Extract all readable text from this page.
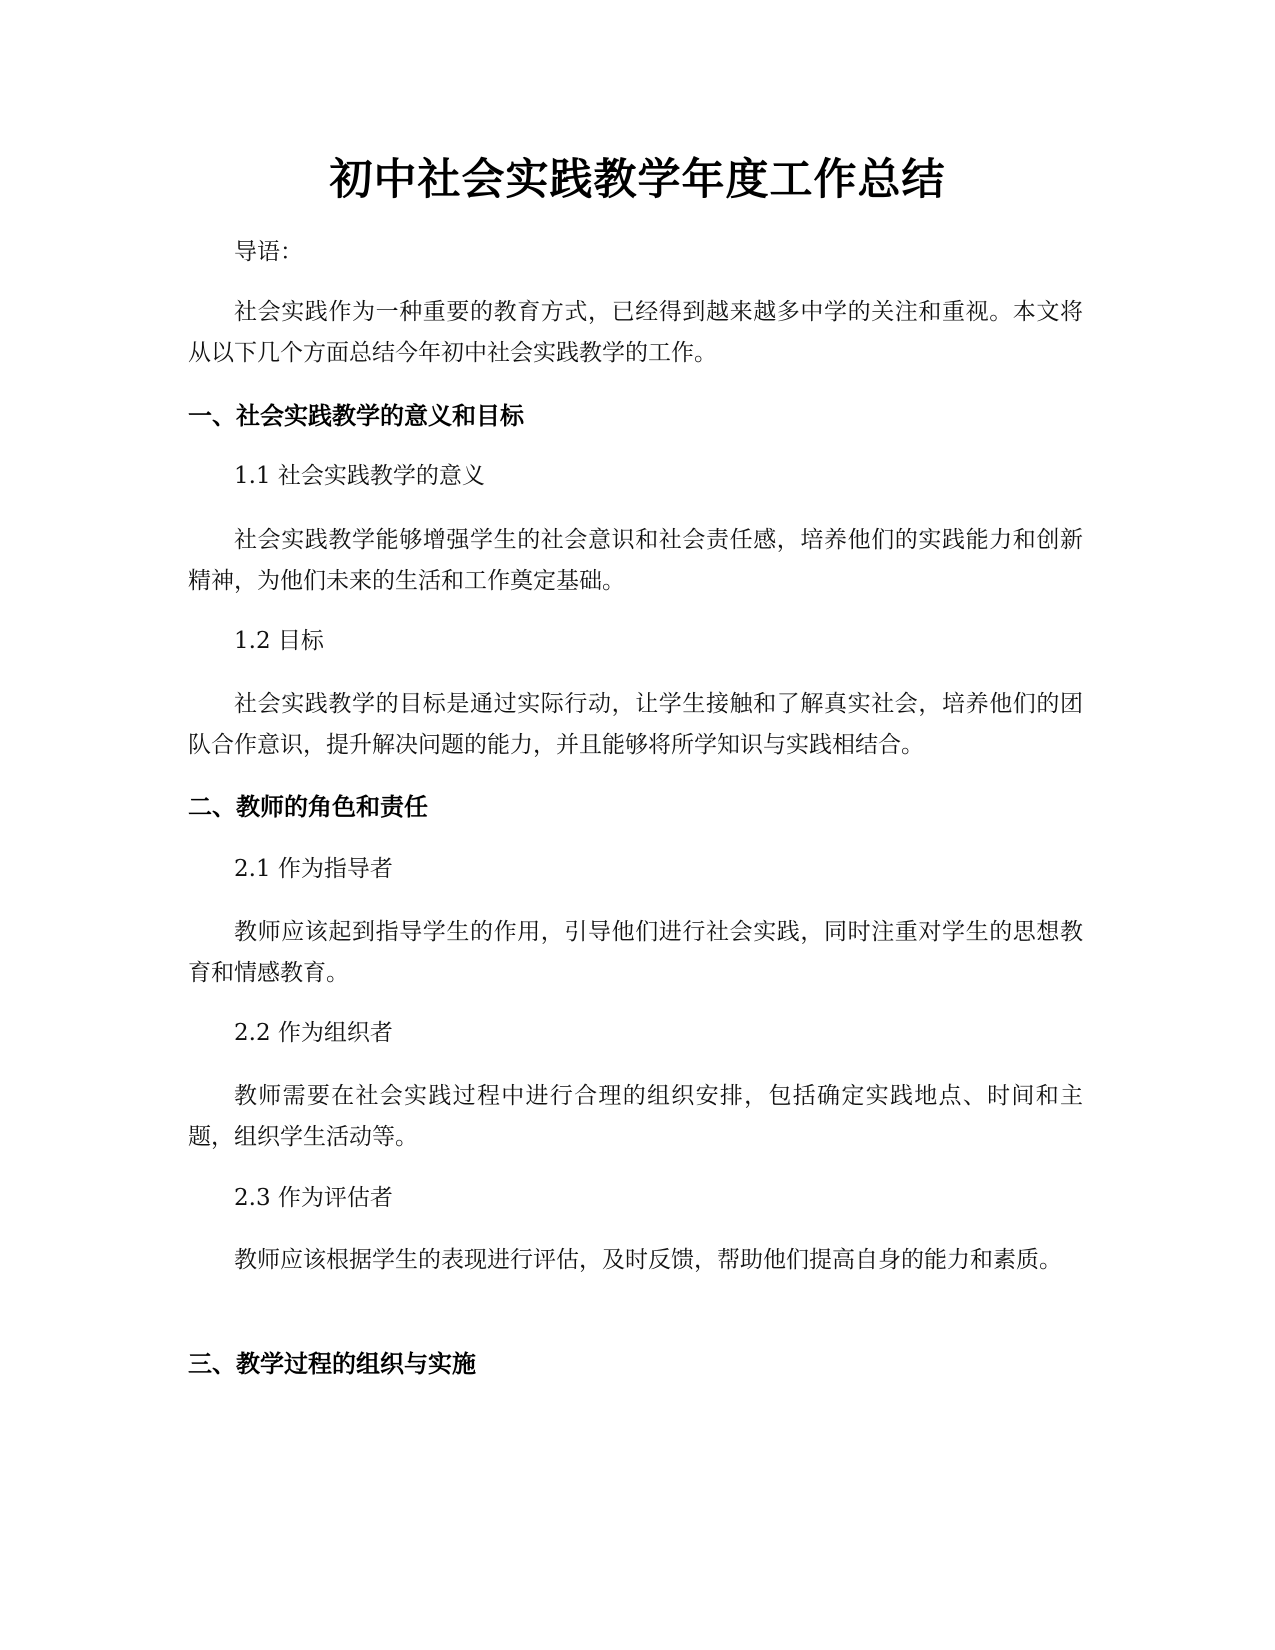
初中社会实践教学年度工作总结
导语：
社会实践作为一种重要的教育方式，已经得到越来越多中学的关注和重视。本文将从以下几个方面总结今年初中社会实践教学的工作。
一、社会实践教学的意义和目标
1.1 社会实践教学的意义
社会实践教学能够增强学生的社会意识和社会责任感，培养他们的实践能力和创新精神，为他们未来的生活和工作奠定基础。
1.2 目标
社会实践教学的目标是通过实际行动，让学生接触和了解真实社会，培养他们的团队合作意识，提升解决问题的能力，并且能够将所学知识与实践相结合。
二、教师的角色和责任
2.1 作为指导者
教师应该起到指导学生的作用，引导他们进行社会实践，同时注重对学生的思想教育和情感教育。
2.2 作为组织者
教师需要在社会实践过程中进行合理的组织安排，包括确定实践地点、时间和主题，组织学生活动等。
2.3 作为评估者
教师应该根据学生的表现进行评估，及时反馈，帮助他们提高自身的能力和素质。
三、教学过程的组织与实施
